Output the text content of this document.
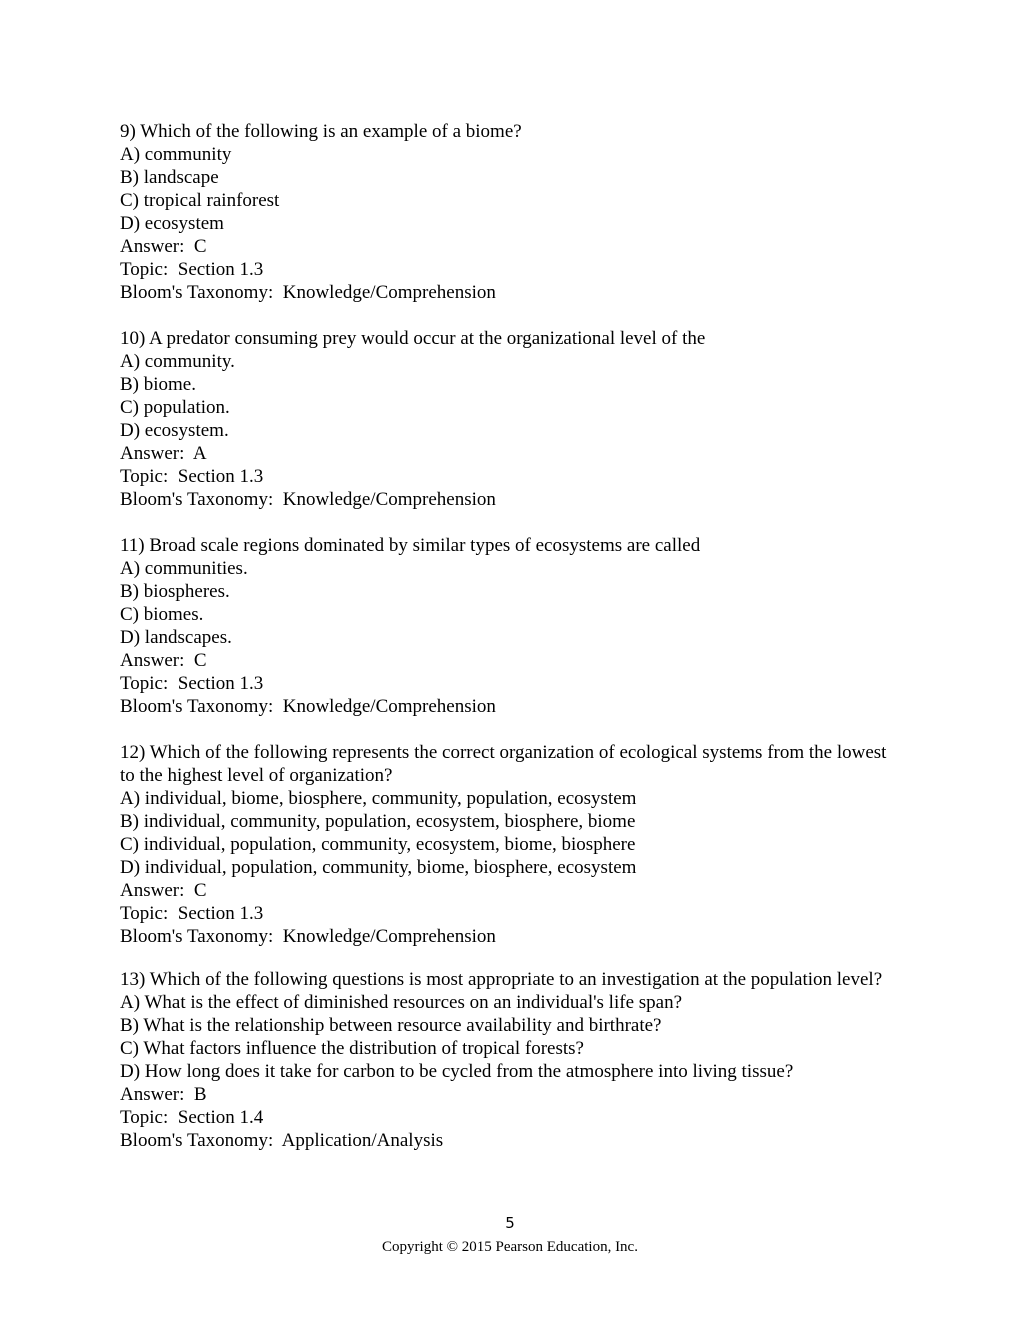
9) Which of the following is an example of a biome?
A) community
B) landscape
C) tropical rainforest
D) ecosystem
Answer:  C
Topic:  Section 1.3
Bloom's Taxonomy:  Knowledge/Comprehension
10) A predator consuming prey would occur at the organizational level of the
A) community.
B) biome.
C) population.
D) ecosystem.
Answer:  A
Topic:  Section 1.3
Bloom's Taxonomy:  Knowledge/Comprehension
11) Broad scale regions dominated by similar types of ecosystems are called
A) communities.
B) biospheres.
C) biomes.
D) landscapes.
Answer:  C
Topic:  Section 1.3
Bloom's Taxonomy:  Knowledge/Comprehension
12) Which of the following represents the correct organization of ecological systems from the lowest to the highest level of organization?
A) individual, biome, biosphere, community, population, ecosystem
B) individual, community, population, ecosystem, biosphere, biome
C) individual, population, community, ecosystem, biome, biosphere
D) individual, population, community, biome, biosphere, ecosystem
Answer:  C
Topic:  Section 1.3
Bloom's Taxonomy:  Knowledge/Comprehension
13) Which of the following questions is most appropriate to an investigation at the population level?
A) What is the effect of diminished resources on an individual's life span?
B) What is the relationship between resource availability and birthrate?
C) What factors influence the distribution of tropical forests?
D) How long does it take for carbon to be cycled from the atmosphere into living tissue?
Answer:  B
Topic:  Section 1.4
Bloom's Taxonomy:  Application/Analysis
5
Copyright © 2015 Pearson Education, Inc.
